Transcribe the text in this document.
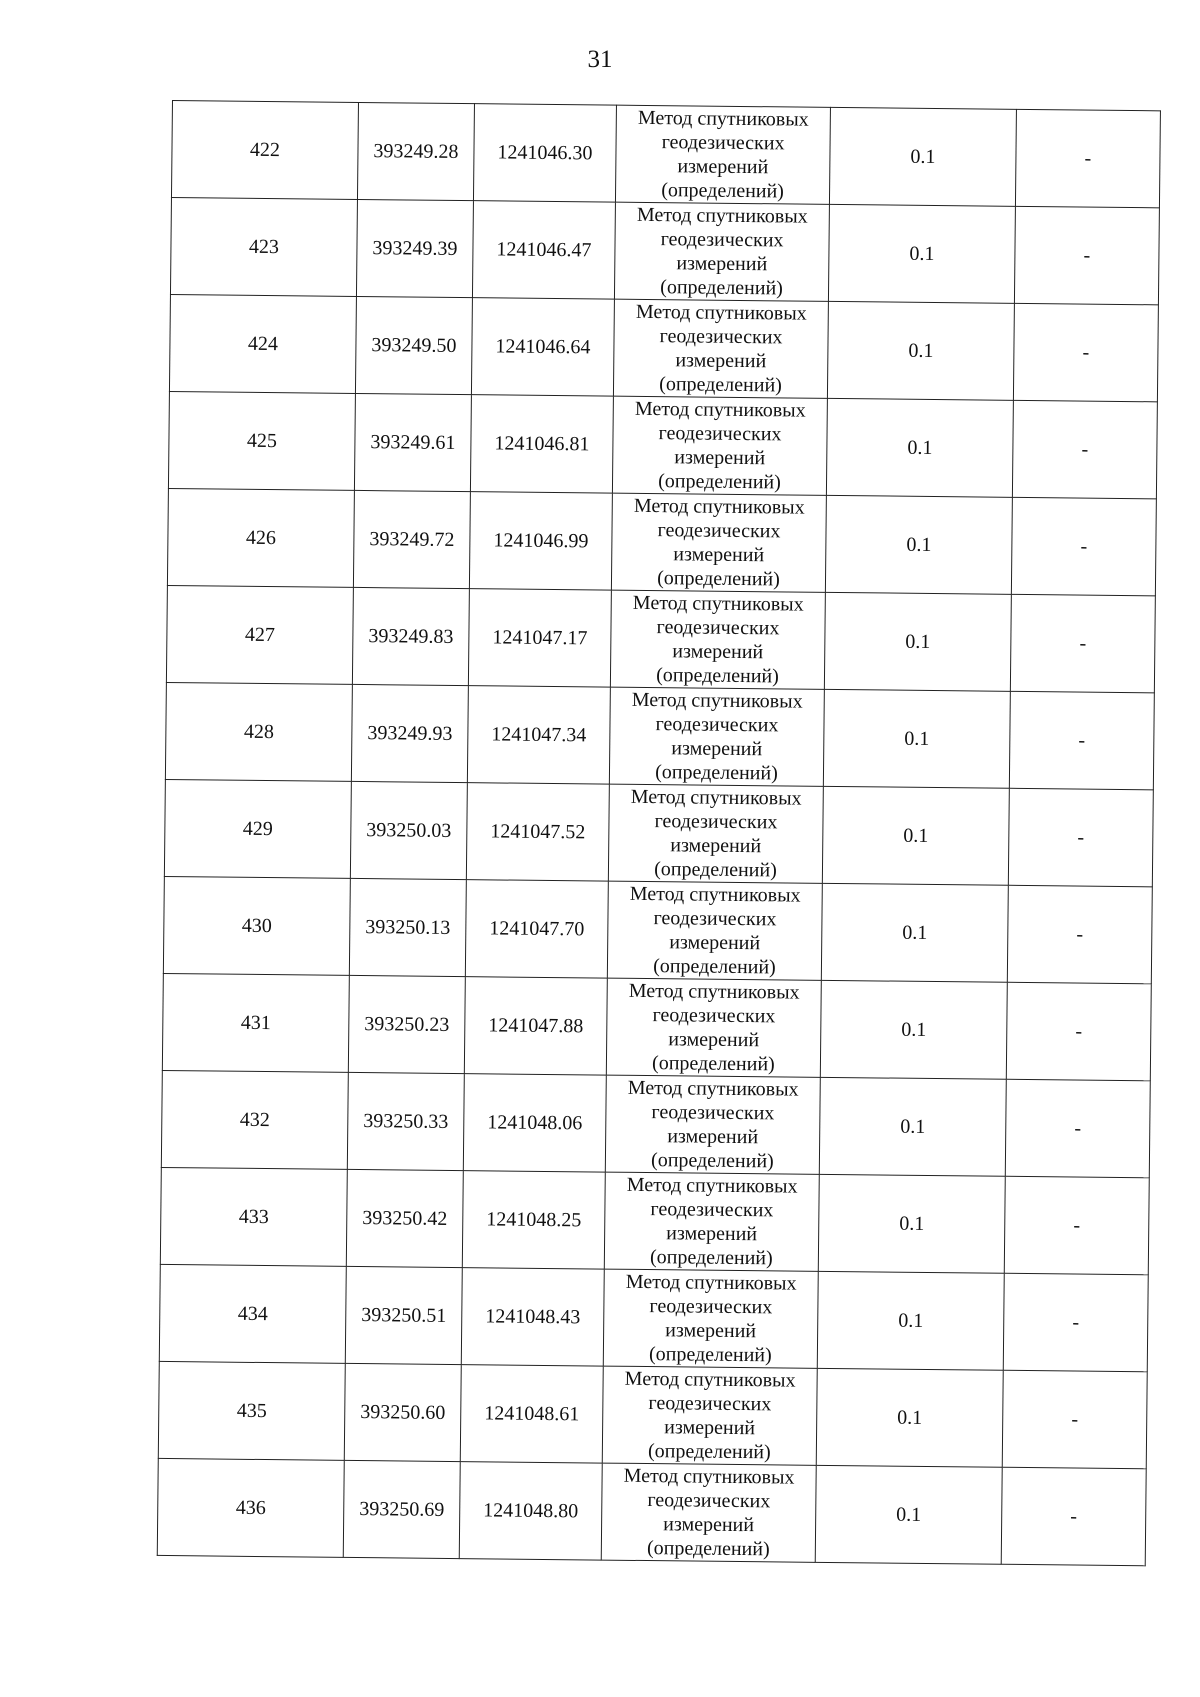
31
422	393249.28	1241046.30	Метод спутниковых
геодезических
измерений
(определений)	0.1	-
423	393249.39	1241046.47	Метод спутниковых
геодезических
измерений
(определений)	0.1	-
424	393249.50	1241046.64	Метод спутниковых
геодезических
измерений
(определений)	0.1	-
425	393249.61	1241046.81	Метод спутниковых
геодезических
измерений
(определений)	0.1	-
426	393249.72	1241046.99	Метод спутниковых
геодезических
измерений
(определений)	0.1	-
427	393249.83	1241047.17	Метод спутниковых
геодезических
измерений
(определений)	0.1	-
428	393249.93	1241047.34	Метод спутниковых
геодезических
измерений
(определений)	0.1	-
429	393250.03	1241047.52	Метод спутниковых
геодезических
измерений
(определений)	0.1	-
430	393250.13	1241047.70	Метод спутниковых
геодезических
измерений
(определений)	0.1	-
431	393250.23	1241047.88	Метод спутниковых
геодезических
измерений
(определений)	0.1	-
432	393250.33	1241048.06	Метод спутниковых
геодезических
измерений
(определений)	0.1	-
433	393250.42	1241048.25	Метод спутниковых
геодезических
измерений
(определений)	0.1	-
434	393250.51	1241048.43	Метод спутниковых
геодезических
измерений
(определений)	0.1	-
435	393250.60	1241048.61	Метод спутниковых
геодезических
измерений
(определений)	0.1	-
436	393250.69	1241048.80	Метод спутниковых
геодезических
измерений
(определений)	0.1	-
